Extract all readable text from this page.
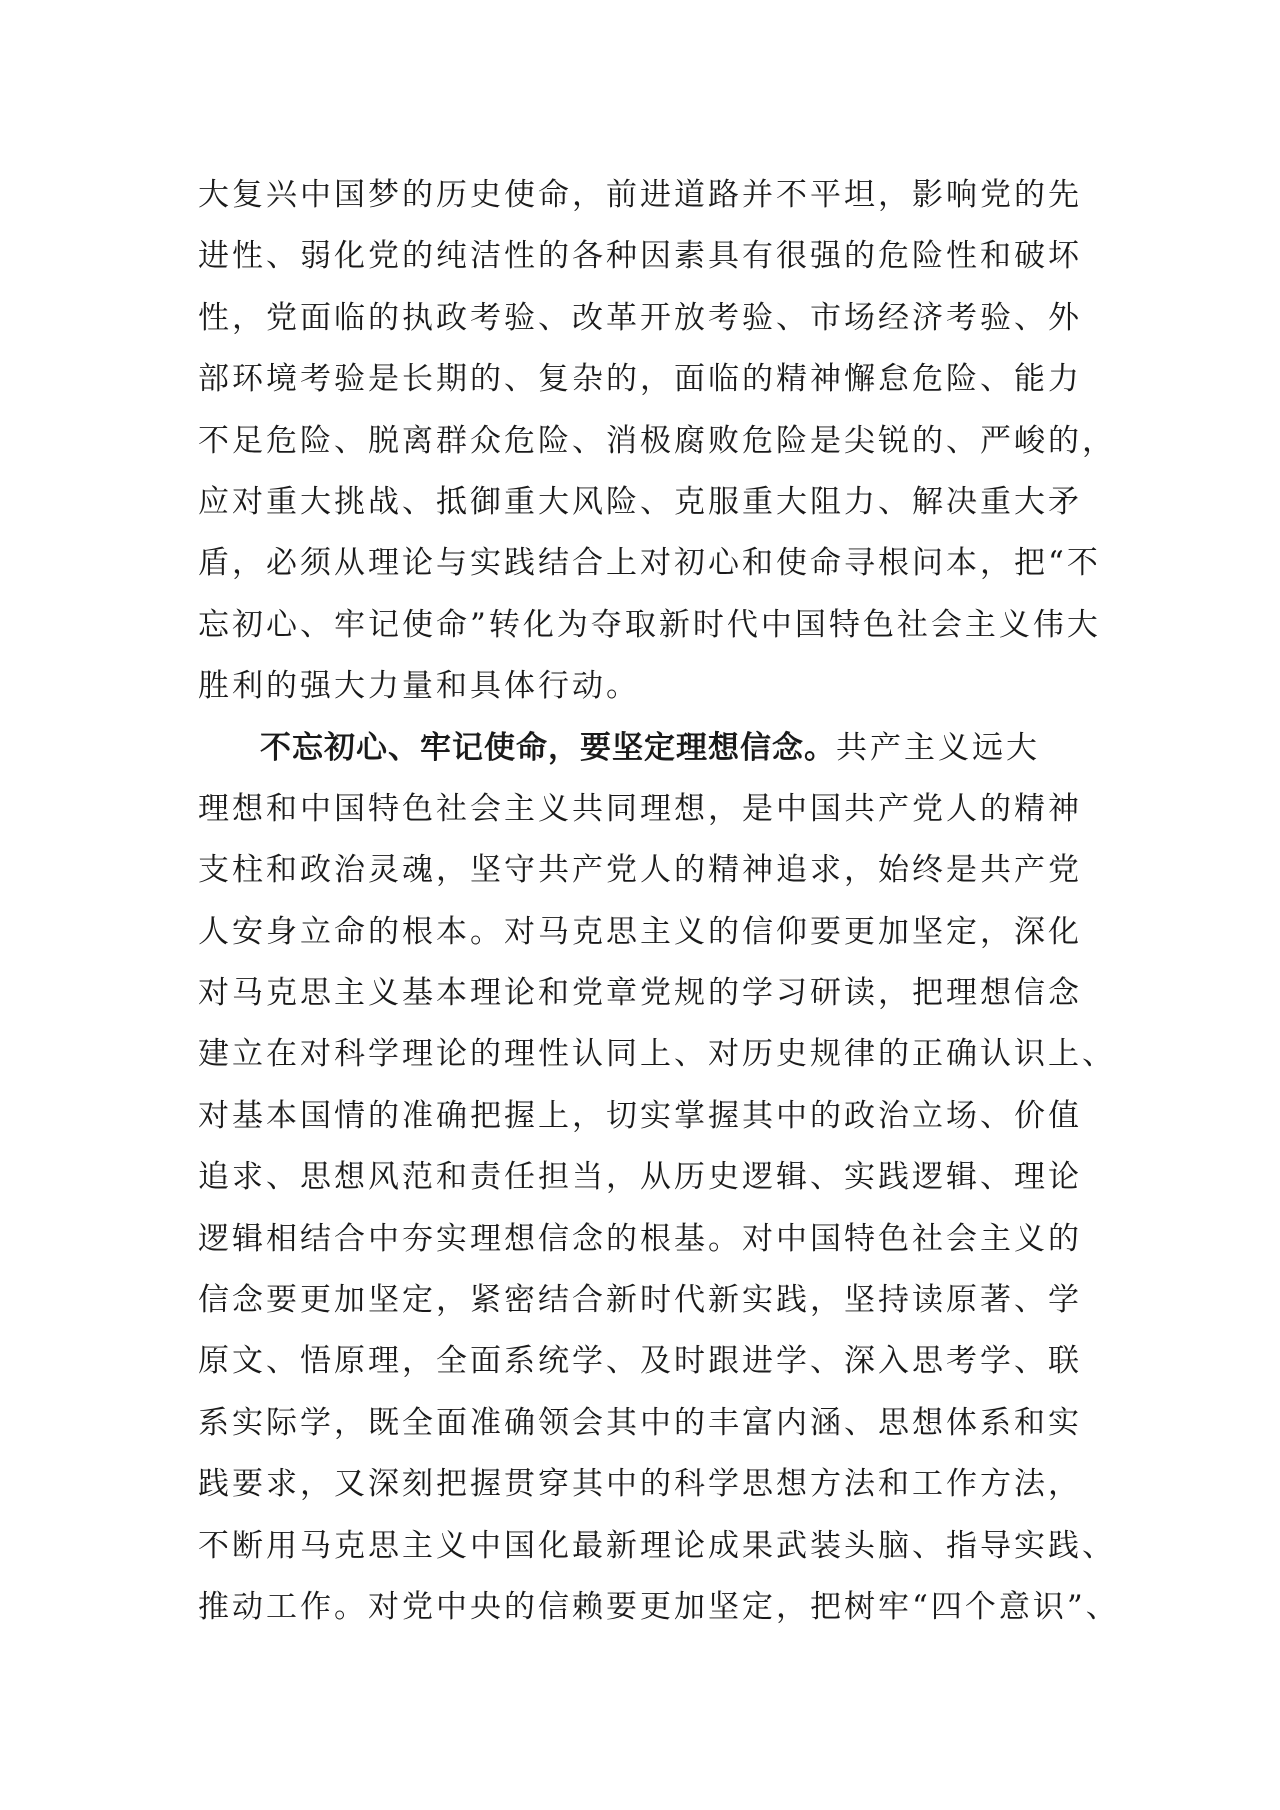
大复兴中国梦的历史使命，前进道路并不平坦，影响党的先
进性、弱化党的纯洁性的各种因素具有很强的危险性和破坏
性，党面临的执政考验、改革开放考验、市场经济考验、外
部环境考验是长期的、复杂的，面临的精神懈怠危险、能力
不足危险、脱离群众危险、消极腐败危险是尖锐的、严峻的，
应对重大挑战、抵御重大风险、克服重大阻力、解决重大矛
盾，必须从理论与实践结合上对初心和使命寻根问本，把“不
忘初心、牢记使命”转化为夺取新时代中国特色社会主义伟大
胜利的强大力量和具体行动。
不忘初心、牢记使命，要坚定理想信念。共产主义远大
理想和中国特色社会主义共同理想，是中国共产党人的精神
支柱和政治灵魂，坚守共产党人的精神追求，始终是共产党
人安身立命的根本。对马克思主义的信仰要更加坚定，深化
对马克思主义基本理论和党章党规的学习研读，把理想信念
建立在对科学理论的理性认同上、对历史规律的正确认识上、
对基本国情的准确把握上，切实掌握其中的政治立场、价值
追求、思想风范和责任担当，从历史逻辑、实践逻辑、理论
逻辑相结合中夯实理想信念的根基。对中国特色社会主义的
信念要更加坚定，紧密结合新时代新实践，坚持读原著、学
原文、悟原理，全面系统学、及时跟进学、深入思考学、联
系实际学，既全面准确领会其中的丰富内涵、思想体系和实
践要求，又深刻把握贯穿其中的科学思想方法和工作方法，
不断用马克思主义中国化最新理论成果武装头脑、指导实践、
推动工作。对党中央的信赖要更加坚定，把树牢“四个意识”、
